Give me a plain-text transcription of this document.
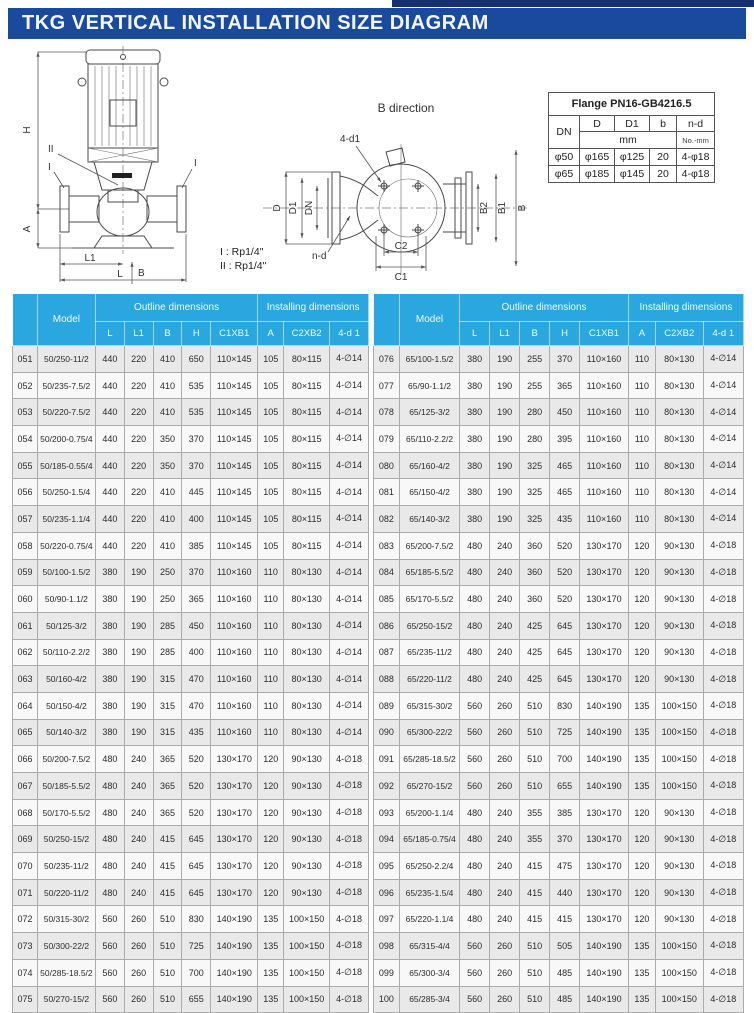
TKG VERTICAL INSTALLATION SIZE DIAGRAM
H
A
L1
L B
II
I	I
B direction
D D1 DN
4-d1
n-d
B2 B1 B
C2
C1
I : Rp1/4"
II : Rp1/4"
Flange PN16-GB4216.5				
DN	D	D1	b	n-d
	mm			No.-mm
φ50	φ165	φ125	20	4-φ18
φ65	φ185	φ145	20	4-φ18
	Model	Outline dimensions					Installing dimensions		
		L	L1	B	H	C1XB1	A	C2XB2	4-d 1
051	50/250-11/2	440	220	410	650	110×145	105	80×115	4-∅14
052	50/235-7.5/2	440	220	410	535	110×145	105	80×115	4-∅14
053	50/220-7.5/2	440	220	410	535	110×145	105	80×115	4-∅14
054	50/200-0.75/4	440	220	350	370	110×145	105	80×115	4-∅14
055	50/185-0.55/4	440	220	350	370	110×145	105	80×115	4-∅14
056	50/250-1.5/4	440	220	410	445	110×145	105	80×115	4-∅14
057	50/235-1.1/4	440	220	410	400	110×145	105	80×115	4-∅14
058	50/220-0.75/4	440	220	410	385	110×145	105	80×115	4-∅14
059	50/100-1.5/2	380	190	250	370	110×160	110	80×130	4-∅14
060	50/90-1.1/2	380	190	250	365	110×160	110	80×130	4-∅14
061	50/125-3/2	380	190	285	450	110×160	110	80×130	4-∅14
062	50/110-2.2/2	380	190	285	400	110×160	110	80×130	4-∅14
063	50/160-4/2	380	190	315	470	110×160	110	80×130	4-∅14
064	50/150-4/2	380	190	315	470	110×160	110	80×130	4-∅14
065	50/140-3/2	380	190	315	435	110×160	110	80×130	4-∅14
066	50/200-7.5/2	480	240	365	520	130×170	120	90×130	4-∅18
067	50/185-5.5/2	480	240	365	520	130×170	120	90×130	4-∅18
068	50/170-5.5/2	480	240	365	520	130×170	120	90×130	4-∅18
069	50/250-15/2	480	240	415	645	130×170	120	90×130	4-∅18
070	50/235-11/2	480	240	415	645	130×170	120	90×130	4-∅18
071	50/220-11/2	480	240	415	645	130×170	120	90×130	4-∅18
072	50/315-30/2	560	260	510	830	140×190	135	100×150	4-∅18
073	50/300-22/2	560	260	510	725	140×190	135	100×150	4-∅18
074	50/285-18.5/2	560	260	510	700	140×190	135	100×150	4-∅18
075	50/270-15/2	560	260	510	655	140×190	135	100×150	4-∅18
	Model	Outline dimensions					Installing dimensions		
		L	L1	B	H	C1XB1	A	C2XB2	4-d 1
076	65/100-1.5/2	380	190	255	370	110×160	110	80×130	4-∅14
077	65/90-1.1/2	380	190	255	365	110×160	110	80×130	4-∅14
078	65/125-3/2	380	190	280	450	110×160	110	80×130	4-∅14
079	65/110-2.2/2	380	190	280	395	110×160	110	80×130	4-∅14
080	65/160-4/2	380	190	325	465	110×160	110	80×130	4-∅14
081	65/150-4/2	380	190	325	465	110×160	110	80×130	4-∅14
082	65/140-3/2	380	190	325	435	110×160	110	80×130	4-∅14
083	65/200-7.5/2	480	240	360	520	130×170	120	90×130	4-∅18
084	65/185-5.5/2	480	240	360	520	130×170	120	90×130	4-∅18
085	65/170-5.5/2	480	240	360	520	130×170	120	90×130	4-∅18
086	65/250-15/2	480	240	425	645	130×170	120	90×130	4-∅18
087	65/235-11/2	480	240	425	645	130×170	120	90×130	4-∅18
088	65/220-11/2	480	240	425	645	130×170	120	90×130	4-∅18
089	65/315-30/2	560	260	510	830	140×190	135	100×150	4-∅18
090	65/300-22/2	560	260	510	725	140×190	135	100×150	4-∅18
091	65/285-18.5/2	560	260	510	700	140×190	135	100×150	4-∅18
092	65/270-15/2	560	260	510	655	140×190	135	100×150	4-∅18
093	65/200-1.1/4	480	240	355	385	130×170	120	90×130	4-∅18
094	65/185-0.75/4	480	240	355	370	130×170	120	90×130	4-∅18
095	65/250-2.2/4	480	240	415	475	130×170	120	90×130	4-∅18
096	65/235-1.5/4	480	240	415	440	130×170	120	90×130	4-∅18
097	65/220-1.1/4	480	240	415	415	130×170	120	90×130	4-∅18
098	65/315-4/4	560	260	510	505	140×190	135	100×150	4-∅18
099	65/300-3/4	560	260	510	485	140×190	135	100×150	4-∅18
100	65/285-3/4	560	260	510	485	140×190	135	100×150	4-∅18
